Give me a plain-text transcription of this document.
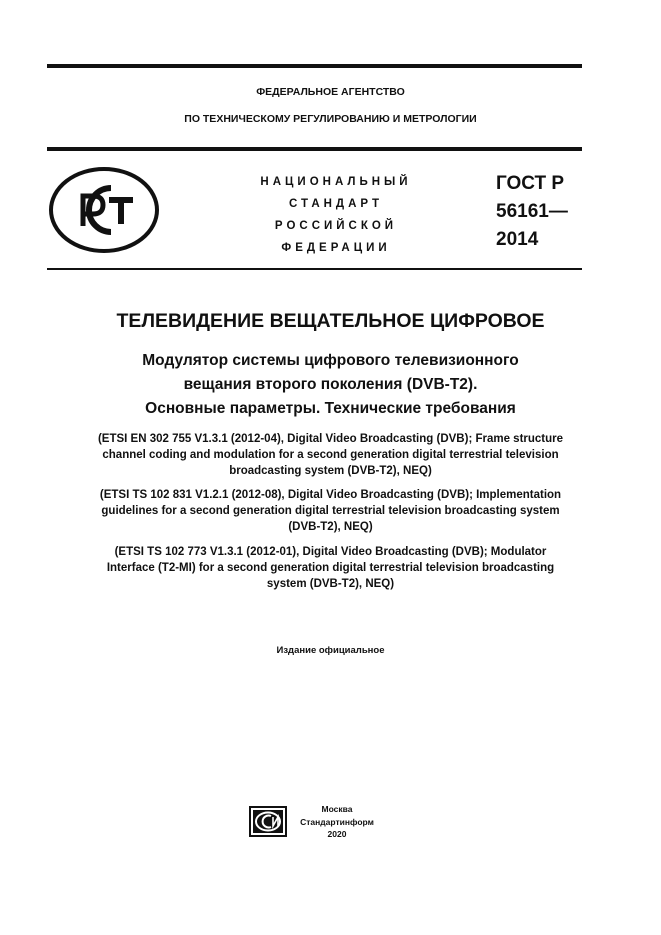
ФЕДЕРАЛЬНОЕ АГЕНТСТВО
ПО ТЕХНИЧЕСКОМУ РЕГУЛИРОВАНИЮ И МЕТРОЛОГИИ
НАЦИОНАЛЬНЫЙ
СТАНДАРТ
РОССИЙСКОЙ
ФЕДЕРАЦИИ
ГОСТ Р
56161—
2014
ТЕЛЕВИДЕНИЕ ВЕЩАТЕЛЬНОЕ ЦИФРОВОЕ
Модулятор системы цифрового телевизионного
вещания второго поколения (DVB-T2).
Основные параметры. Технические требования
(ETSI EN 302 755 V1.3.1 (2012-04), Digital Video Broadcasting (DVB); Frame structure
channel coding and modulation for a second generation digital terrestrial television
broadcasting system (DVB-T2), NEQ)
(ETSI TS 102 831 V1.2.1 (2012-08), Digital Video Broadcasting (DVB); Implementation
guidelines for a second generation digital terrestrial television broadcasting system
(DVB-T2), NEQ)
(ETSI TS 102 773 V1.3.1 (2012-01), Digital Video Broadcasting (DVB); Modulator
Interface (T2-MI) for a second generation digital terrestrial television broadcasting
system (DVB-T2), NEQ)
Издание официальное
Москва
Стандартинформ
2020
